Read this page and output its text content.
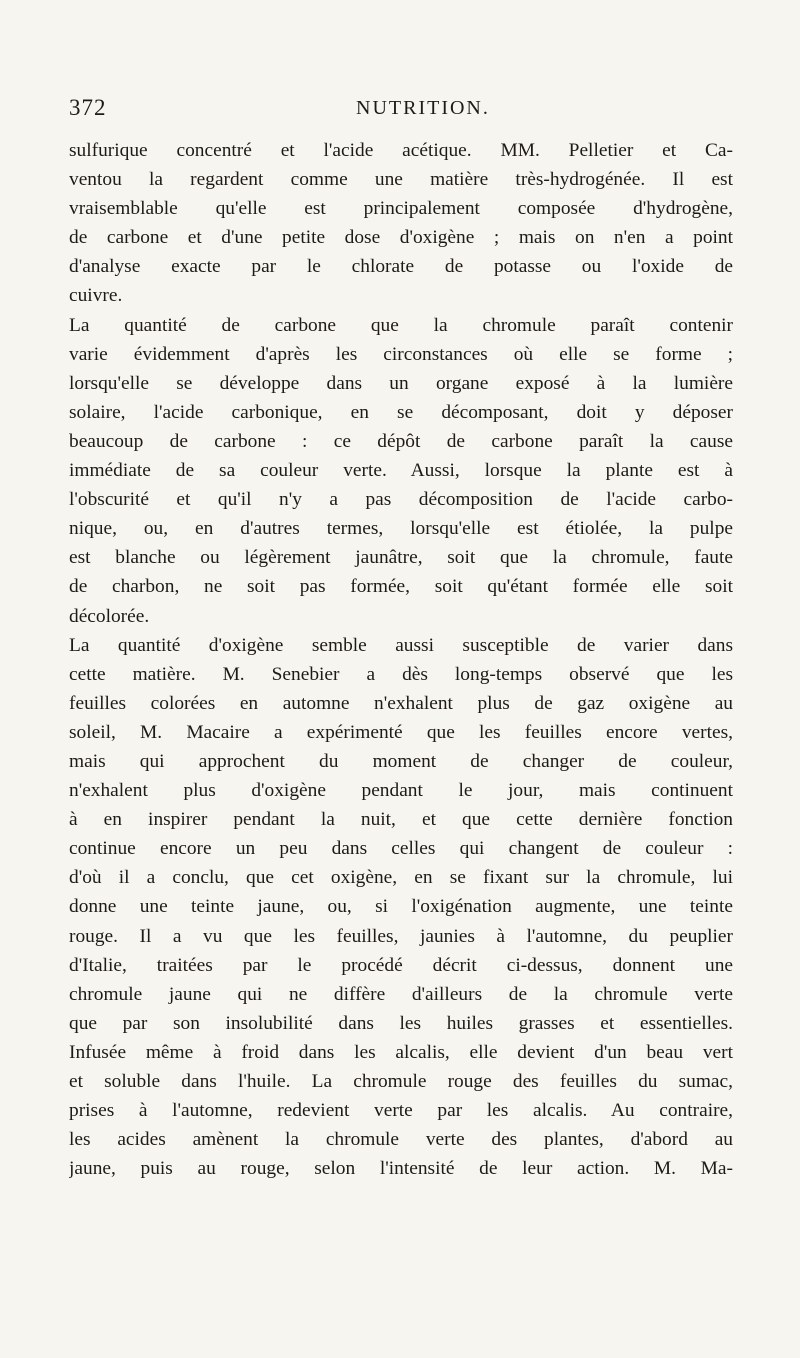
372	NUTRITION.
sulfurique concentré et l'acide acétique. MM. Pelletier et Ca-
ventou la regardent comme une matière très-hydrogénée. Il est
vraisemblable qu'elle est principalement composée d'hydrogène,
de carbone et d'une petite dose d'oxigène ; mais on n'en a point
d'analyse exacte par le chlorate de potasse ou l'oxide de
cuivre.
La quantité de carbone que la chromule paraît contenir
varie évidemment d'après les circonstances où elle se forme ;
lorsqu'elle se développe dans un organe exposé à la lumière
solaire, l'acide carbonique, en se décomposant, doit y déposer
beaucoup de carbone : ce dépôt de carbone paraît la cause
immédiate de sa couleur verte. Aussi, lorsque la plante est à
l'obscurité et qu'il n'y a pas décomposition de l'acide carbo-
nique, ou, en d'autres termes, lorsqu'elle est étiolée, la pulpe
est blanche ou légèrement jaunâtre, soit que la chromule, faute
de charbon, ne soit pas formée, soit qu'étant formée elle soit
décolorée.
La quantité d'oxigène semble aussi susceptible de varier dans
cette matière. M. Senebier a dès long-temps observé que les
feuilles colorées en automne n'exhalent plus de gaz oxigène au
soleil, M. Macaire a expérimenté que les feuilles encore vertes,
mais qui approchent du moment de changer de couleur,
n'exhalent plus d'oxigène pendant le jour, mais continuent
à en inspirer pendant la nuit, et que cette dernière fonction
continue encore un peu dans celles qui changent de couleur :
d'où il a conclu, que cet oxigène, en se fixant sur la chromule, lui
donne une teinte jaune, ou, si l'oxigénation augmente, une teinte
rouge. Il a vu que les feuilles, jaunies à l'automne, du peuplier
d'Italie, traitées par le procédé décrit ci-dessus, donnent une
chromule jaune qui ne diffère d'ailleurs de la chromule verte
que par son insolubilité dans les huiles grasses et essentielles.
Infusée même à froid dans les alcalis, elle devient d'un beau vert
et soluble dans l'huile. La chromule rouge des feuilles du sumac,
prises à l'automne, redevient verte par les alcalis. Au contraire,
les acides amènent la chromule verte des plantes, d'abord au
jaune, puis au rouge, selon l'intensité de leur action. M. Ma-
